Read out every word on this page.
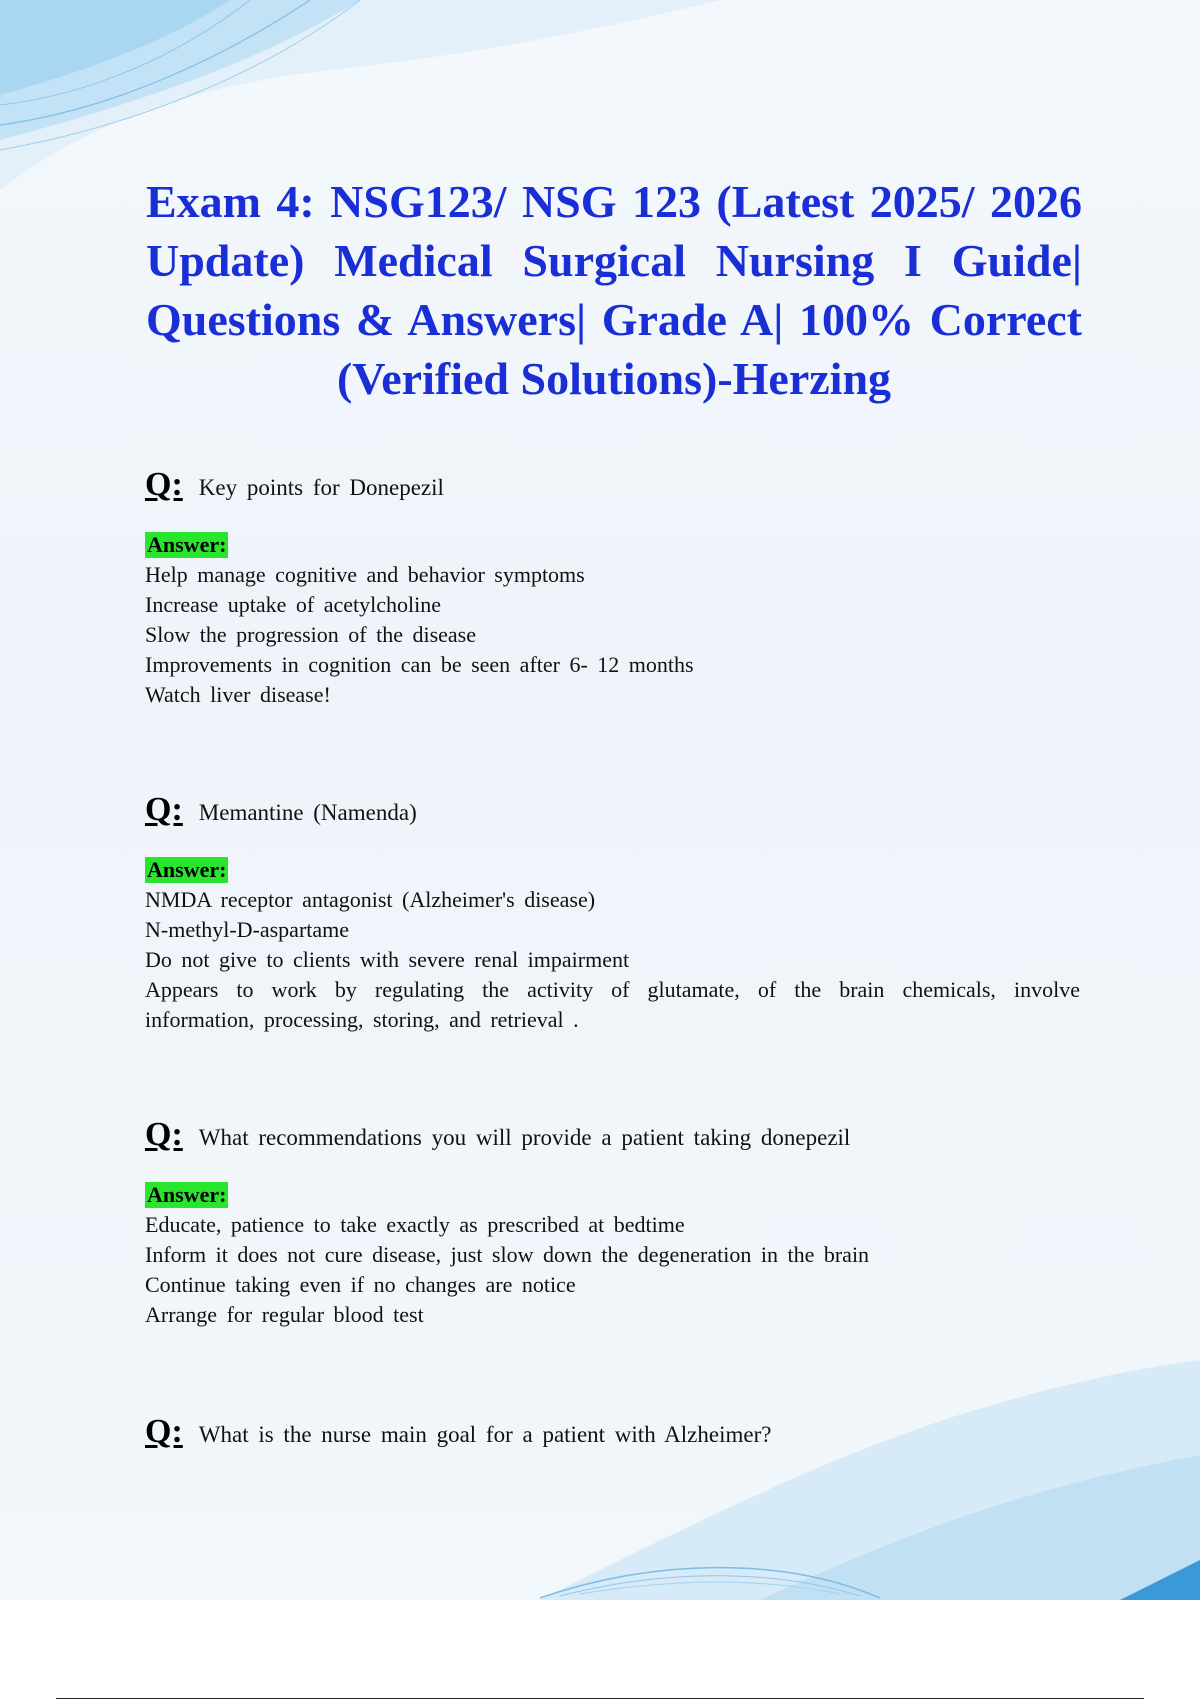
Exam 4: NSG123/ NSG 123 (Latest 2025/ 2026 Update) Medical Surgical Nursing I Guide| Questions & Answers| Grade A| 100% Correct (Verified Solutions)-Herzing
Q: Key points for Donepezil
Answer:
Help manage cognitive and behavior symptoms
Increase uptake of acetylcholine
Slow the progression of the disease
Improvements in cognition can be seen after 6- 12 months
Watch liver disease!
Q: Memantine (Namenda)
Answer:
NMDA receptor antagonist (Alzheimer's disease)
N-methyl-D-aspartame
Do not give to clients with severe renal impairment
Appears to work by regulating the activity of glutamate, of the brain chemicals, involve information, processing, storing, and retrieval .
Q: What recommendations you will provide a patient taking donepezil
Answer:
Educate, patience to take exactly as prescribed at bedtime
Inform it does not cure disease, just slow down the degeneration in the brain
Continue taking even if no changes are notice
Arrange for regular blood test
Q: What is the nurse main goal for a patient with Alzheimer?
